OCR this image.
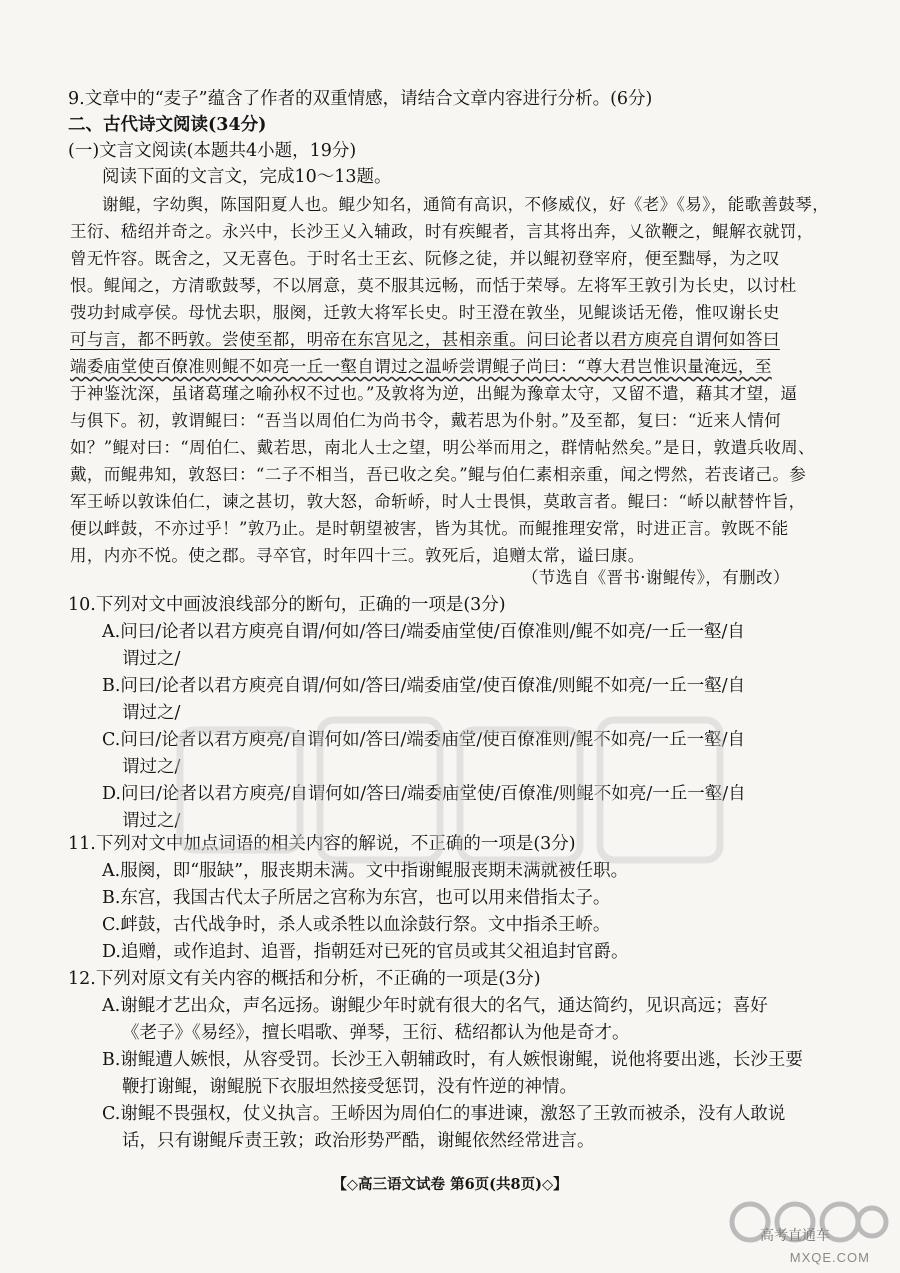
9.文章中的“麦子”蕴含了作者的双重情感，请结合文章内容进行分析。(6分)
二、古代诗文阅读(34分)
(一)文言文阅读(本题共4小题，19分)
阅读下面的文言文，完成10～13题。
谢鲲，字幼舆，陈国阳夏人也。鲲少知名，通简有高识，不修威仪，好《老》《易》，能歌善鼓琴，
王衍、嵇绍并奇之。永兴中，长沙王乂入辅政，时有疾鲲者，言其将出奔，乂欲鞭之，鲲解衣就罚，
曾无忤容。既舍之，又无喜色。于时名士王玄、阮修之徒，并以鲲初登宰府，便至黜辱，为之叹
恨。鲲闻之，方清歌鼓琴，不以屑意，莫不服其远畅，而恬于荣辱。左将军王敦引为长史，以讨杜
弢功封咸亭侯。母忧去职，服阕，迁敦大将军长史。时王澄在敦坐，见鲲谈话无倦，惟叹谢长史
可与言，都不眄敦。尝使至都，明帝在东宫见之，甚相亲重。问曰论者以君方庾亮自谓何如答曰
端委庙堂使百僚准则鲲不如亮一丘一壑自谓过之温峤尝谓鲲子尚曰：“尊大君岂惟识量淹远，至
于神鉴沈深，虽诸葛瑾之喻孙权不过也。”及敦将为逆，出鲲为豫章太守，又留不遣，藉其才望，逼
与俱下。初，敦谓鲲曰：“吾当以周伯仁为尚书令，戴若思为仆射。”及至都，复曰：“近来人情何
如？”鲲对曰：“周伯仁、戴若思，南北人士之望，明公举而用之，群情帖然矣。”是日，敦遣兵收周、
戴，而鲲弗知，敦怒曰：“二子不相当，吾已收之矣。”鲲与伯仁素相亲重，闻之愕然，若丧诸己。参
军王峤以敦诛伯仁，谏之甚切，敦大怒，命斩峤，时人士畏惧，莫敢言者。鲲曰：“峤以献替忤旨，
便以衅鼓，不亦过乎！”敦乃止。是时朝望被害，皆为其忧。而鲲推理安常，时进正言。敦既不能
用，内亦不悦。使之郡。寻卒官，时年四十三。敦死后，追赠太常，谥曰康。
（节选自《晋书·谢鲲传》，有删改）
10.下列对文中画波浪线部分的断句，正确的一项是(3分)
A.问曰/论者以君方庾亮自谓/何如/答曰/端委庙堂使/百僚准则/鲲不如亮/一丘一壑/自
谓过之/
B.问曰/论者以君方庾亮自谓/何如/答曰/端委庙堂/使百僚准/则鲲不如亮/一丘一壑/自
谓过之/
C.问曰/论者以君方庾亮/自谓何如/答曰/端委庙堂/使百僚准则/鲲不如亮/一丘一壑/自
谓过之/
D.问曰/论者以君方庾亮/自谓何如/答曰/端委庙堂使/百僚准/则鲲不如亮/一丘一壑/自
谓过之/
11.下列对文中加点词语的相关内容的解说，不正确的一项是(3分)
A.服阕，即“服缺”，服丧期未满。文中指谢鲲服丧期未满就被任职。
B.东宫，我国古代太子所居之宫称为东宫，也可以用来借指太子。
C.衅鼓，古代战争时，杀人或杀牲以血涂鼓行祭。文中指杀王峤。
D.追赠，或作追封、追晋，指朝廷对已死的官员或其父祖追封官爵。
12.下列对原文有关内容的概括和分析，不正确的一项是(3分)
A.谢鲲才艺出众，声名远扬。谢鲲少年时就有很大的名气，通达简约，见识高远；喜好
《老子》《易经》，擅长唱歌、弹琴，王衍、嵇绍都认为他是奇才。
B.谢鲲遭人嫉恨，从容受罚。长沙王入朝辅政时，有人嫉恨谢鲲，说他将要出逃，长沙王要
鞭打谢鲲，谢鲲脱下衣服坦然接受惩罚，没有忤逆的神情。
C.谢鲲不畏强权，仗义执言。王峤因为周伯仁的事进谏，激怒了王敦而被杀，没有人敢说
话，只有谢鲲斥责王敦；政治形势严酷，谢鲲依然经常进言。
【◇高三语文试卷 第6页(共8页)◇】
高考直通车
MXQE.COM
